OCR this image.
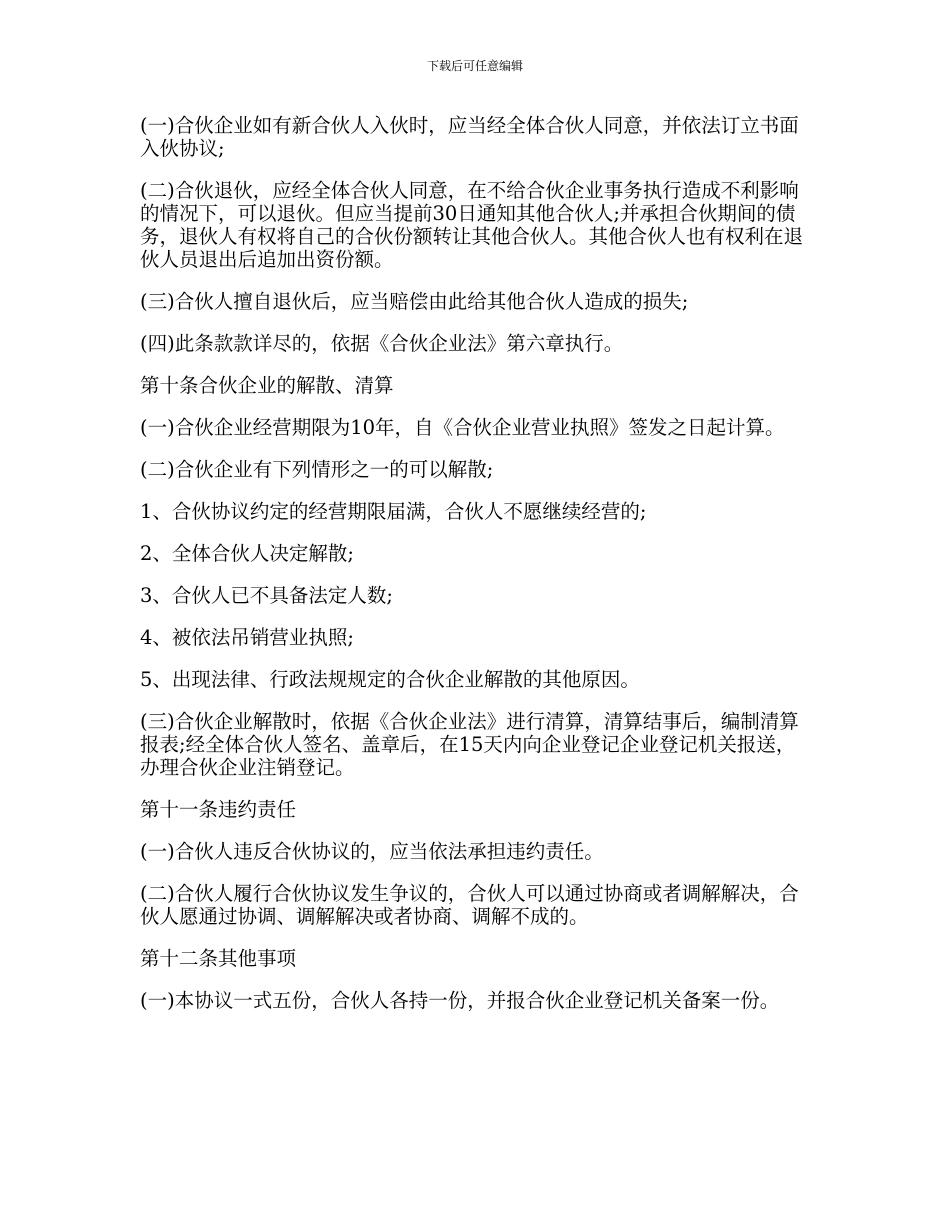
下载后可任意编辑

(一)合伙企业如有新合伙人入伙时，应当经全体合伙人同意，并依法订立书面入伙协议;

(二)合伙退伙，应经全体合伙人同意，在不给合伙企业事务执行造成不利影响的情况下，可以退伙。但应当提前30日通知其他合伙人;并承担合伙期间的债务，退伙人有权将自己的合伙份额转让其他合伙人。其他合伙人也有权利在退伙人员退出后追加出资份额。

(三)合伙人擅自退伙后，应当赔偿由此给其他合伙人造成的损失;

(四)此条款款详尽的，依据《合伙企业法》第六章执行。

第十条合伙企业的解散、清算

(一)合伙企业经营期限为10年，自《合伙企业营业执照》签发之日起计算。

(二)合伙企业有下列情形之一的可以解散;

1、合伙协议约定的经营期限届满，合伙人不愿继续经营的;

2、全体合伙人决定解散;

3、合伙人已不具备法定人数;

4、被依法吊销营业执照;

5、出现法律、行政法规规定的合伙企业解散的其他原因。

(三)合伙企业解散时，依据《合伙企业法》进行清算，清算结事后，编制清算报表;经全体合伙人签名、盖章后，在15天内向企业登记企业登记机关报送，办理合伙企业注销登记。

第十一条违约责任

(一)合伙人违反合伙协议的，应当依法承担违约责任。

(二)合伙人履行合伙协议发生争议的，合伙人可以通过协商或者调解解决，合伙人愿通过协调、调解解决或者协商、调解不成的。

第十二条其他事项

(一)本协议一式五份，合伙人各持一份，并报合伙企业登记机关备案一份。
